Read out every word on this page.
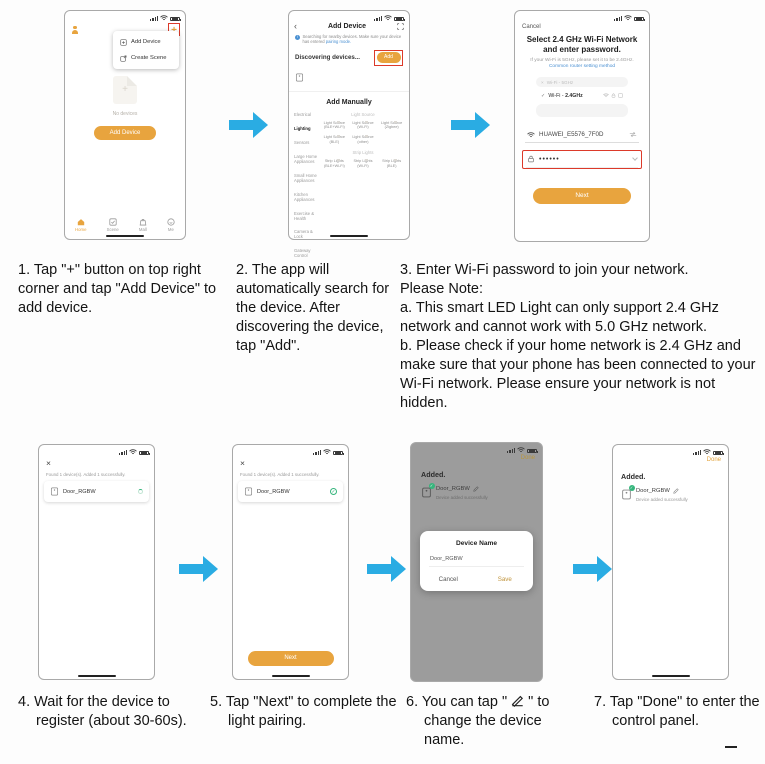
Add Device
Create Scene
+
No devices
Add Device
Home	Scene	Mall	Me
‹	Add Device
!	Searching for nearby devices. Make sure your device has entered pairing mode.
Discovering devices...	Add
Add Manually
Electrical
Lighting
Sensors
Large Home Appliances
Small Home Appliances
Kitchen Appliances
Exercise & Health
Camera & Lock
Gateway Control
Light Source
Light Source (BLE+Wi-Fi)
Light Source (Wi-Fi)
Light Source (Zigbee)
Light Source (BLE)
Light Source (other)
Strip Lights
Strip Lights (BLE+Wi-Fi)
Strip Lights (Wi-Fi)
Strip Lights (BLE)
Cancel
Select 2.4 GHz Wi-Fi Network
and enter password.
If your Wi-Fi is 5GHz, please set it to be 2.4GHz.
Common router setting method
× Wi-Fi - 5GHz
✓ Wi-Fi - 2.4GHz
HUAWEI_E5576_7F0D
••••••
Next
1. Tap "+" button on top right corner and tap "Add Device" to add device.
2. The app will automatically search for the device. After discovering the device, tap "Add".
3. Enter Wi-Fi password to join your network.
Please Note:
a. This smart LED Light can only support 2.4 GHz network and cannot work with 5.0 GHz network.
b. Please check if your home network is 2.4 GHz and make sure that your phone has been connected to your Wi-Fi network. Please ensure your network is not hidden.
×
Found 1 device(s). Added 1 successfully.
Door_RGBW
×
Found 1 device(s). Added 1 successfully.
Door_RGBW	✓
Next
Done
Added.
✓
Door_RGBW
Device added successfully
Device Name
Door_RGBW
Cancel	Save
Done
Added.
✓
Door_RGBW
Device added successfully
4. Wait for the device to register (about 30-60s).
5. Tap "Next" to complete the light pairing.
6. You can tap "  " to change the device name.
7. Tap "Done" to enter the control panel.
